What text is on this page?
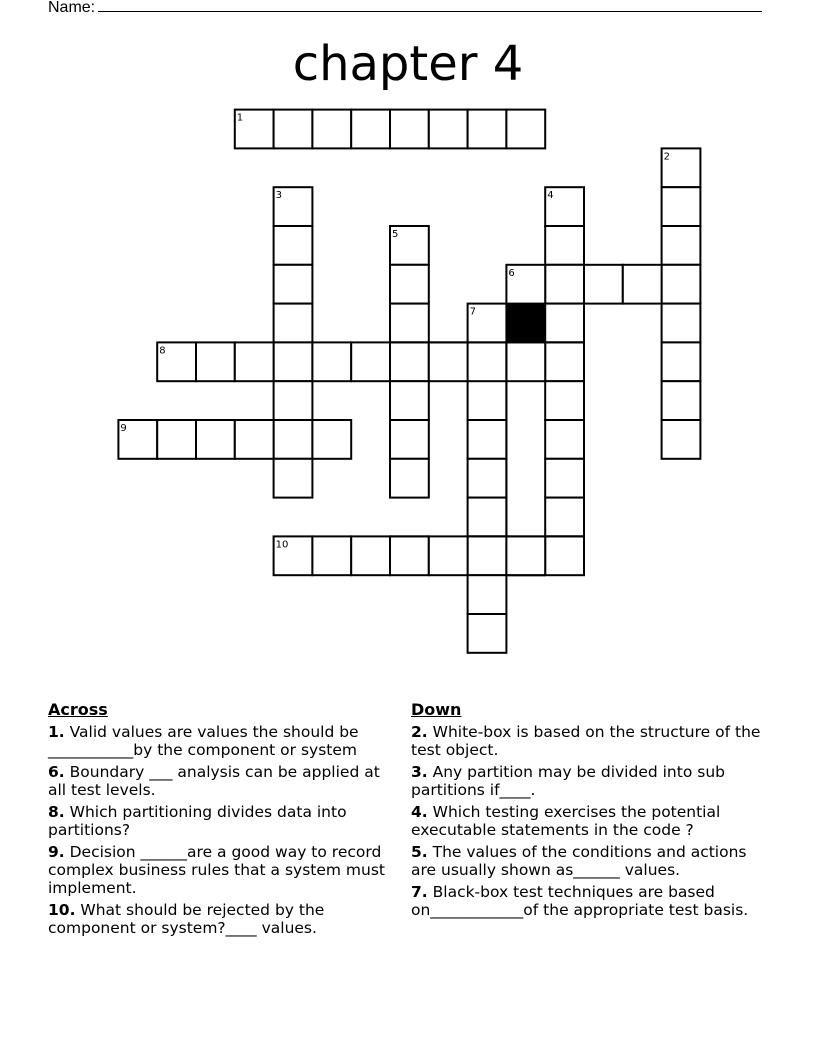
Name:
chapter 4
1
2
3	4
5
6
7
8
9
10
Across
1. Valid values are values the should be ___________by the component or system
6. Boundary ___ analysis can be applied at all test levels.
8. Which partitioning divides data into partitions?
9. Decision ______are a good way to record complex business rules that a system must implement.
10. What should be rejected by the component or system?____ values.
Down
2. White-box is based on the structure of the test object.
3. Any partition may be divided into sub partitions if____.
4. Which testing exercises the potential executable statements in the code ?
5. The values of the conditions and actions are usually shown as______ values.
7. Black-box test techniques are based on____________of the appropriate test basis.
